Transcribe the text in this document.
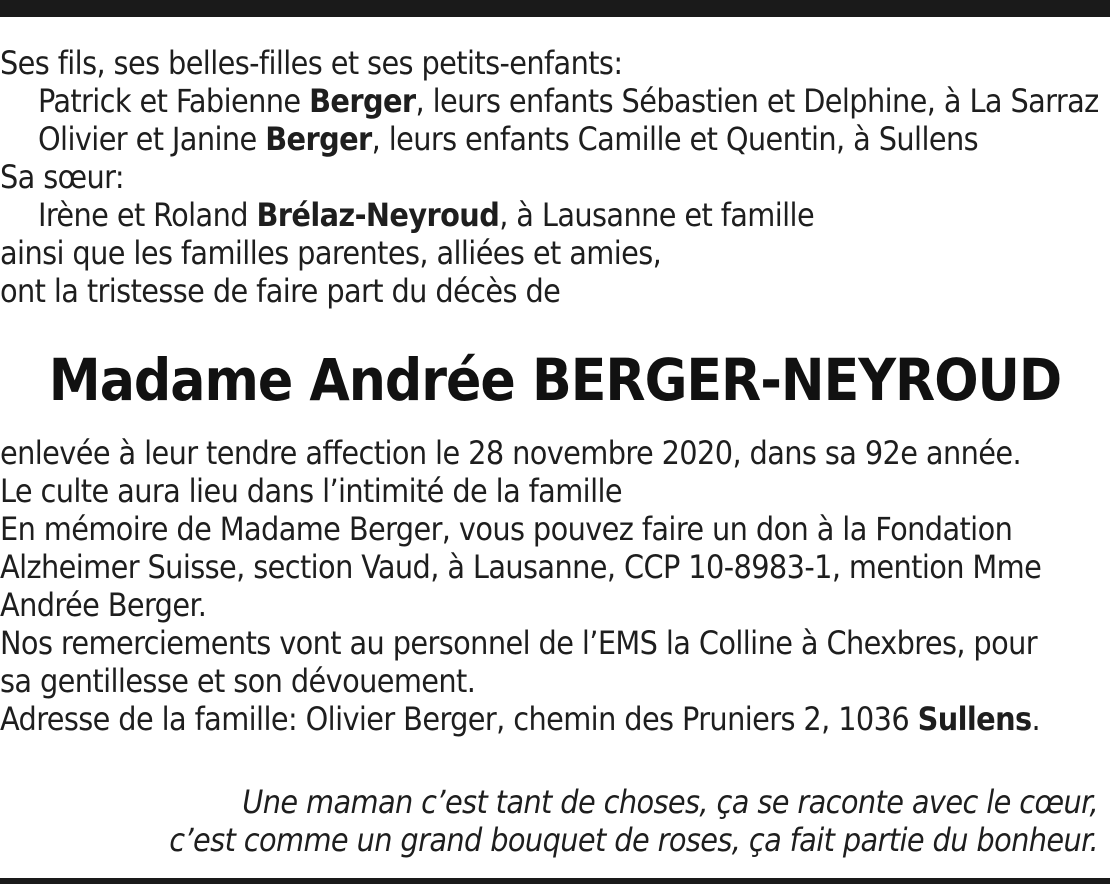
Ses fils, ses belles-filles et ses petits-enfants:
Patrick et Fabienne Berger, leurs enfants Sébastien et Delphine, à La Sarraz
Olivier et Janine Berger, leurs enfants Camille et Quentin, à Sullens
Sa sœur:
Irène et Roland Brélaz-Neyroud, à Lausanne et famille
ainsi que les familles parentes, alliées et amies,
ont la tristesse de faire part du décès de
Madame Andrée BERGER-NEYROUD
enlevée à leur tendre affection le 28 novembre 2020, dans sa 92e année.
Le culte aura lieu dans l’intimité de la famille
En mémoire de Madame Berger, vous pouvez faire un don à la Fondation
Alzheimer Suisse, section Vaud, à Lausanne, CCP 10-8983-1, mention Mme
Andrée Berger.
Nos remerciements vont au personnel de l’EMS la Colline à Chexbres, pour
sa gentillesse et son dévouement.
Adresse de la famille: Olivier Berger, chemin des Pruniers 2, 1036 Sullens.
Une maman c’est tant de choses, ça se raconte avec le cœur,
c’est comme un grand bouquet de roses, ça fait partie du bonheur.
